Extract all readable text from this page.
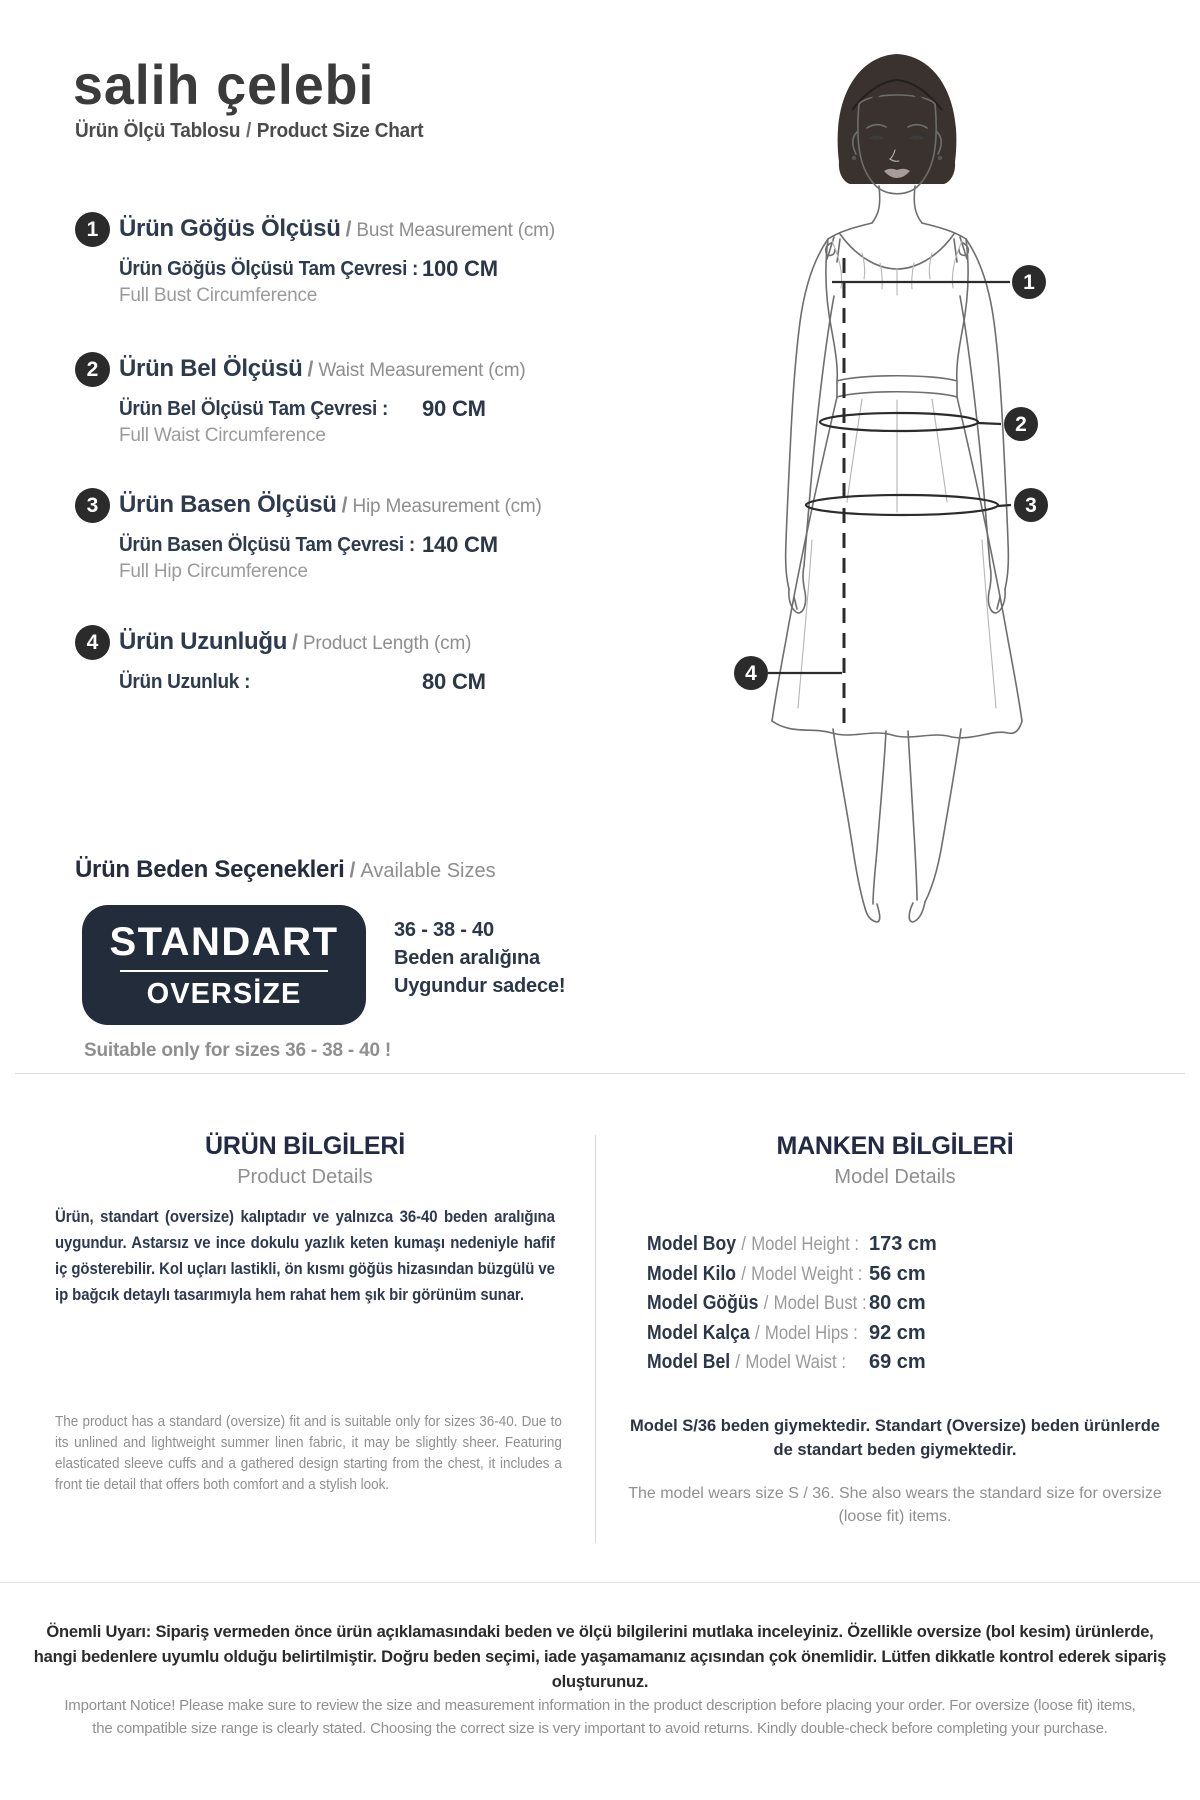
salih çelebi
Ürün Ölçü Tablosu / Product Size Chart
1 Ürün Göğüs Ölçüsü / Bust Measurement (cm)
Ürün Göğüs Ölçüsü Tam Çevresi : 100 CM
Full Bust Circumference
2 Ürün Bel Ölçüsü / Waist Measurement (cm)
Ürün Bel Ölçüsü Tam Çevresi : 90 CM
Full Waist Circumference
3 Ürün Basen Ölçüsü / Hip Measurement (cm)
Ürün Basen Ölçüsü Tam Çevresi : 140 CM
Full Hip Circumference
4 Ürün Uzunluğu / Product Length (cm)
Ürün Uzunluk :	80 CM
Ürün Beden Seçenekleri / Available Sizes
STANDART
OVERSİZE
36 - 38 - 40
Beden aralığına
Uygundur sadece!
Suitable only for sizes 36 - 38 - 40 !
1
2
3
4
ÜRÜN BİLGİLERİ
Product Details
Ürün, standart (oversize) kalıptadır ve yalnızca 36-40 beden aralığına uygundur. Astarsız ve ince dokulu yazlık keten kumaşı nedeniyle hafif iç gösterebilir. Kol uçları lastikli, ön kısmı göğüs hizasından büzgülü ve ip bağcık detaylı tasarımıyla hem rahat hem şık bir görünüm sunar.
The product has a standard (oversize) fit and is suitable only for sizes 36-40. Due to its unlined and lightweight summer linen fabric, it may be slightly sheer. Featuring elasticated sleeve cuffs and a gathered design starting from the chest, it includes a front tie detail that offers both comfort and a stylish look.
MANKEN BİLGİLERİ
Model Details
Model Boy / Model Height : 173 cm
Model Kilo / Model Weight : 56 cm
Model Göğüs / Model Bust : 80 cm
Model Kalça / Model Hips : 92 cm
Model Bel / Model Waist : 69 cm
Model S/36 beden giymektedir. Standart (Oversize) beden ürünlerde de standart beden giymektedir.
The model wears size S / 36. She also wears the standard size for oversize (loose fit) items.
Önemli Uyarı: Sipariş vermeden önce ürün açıklamasındaki beden ve ölçü bilgilerini mutlaka inceleyiniz. Özellikle oversize (bol kesim) ürünlerde, hangi bedenlere uyumlu olduğu belirtilmiştir. Doğru beden seçimi, iade yaşamamanız açısından çok önemlidir. Lütfen dikkatle kontrol ederek sipariş oluşturunuz.
Important Notice! Please make sure to review the size and measurement information in the product description before placing your order. For oversize (loose fit) items, the compatible size range is clearly stated. Choosing the correct size is very important to avoid returns. Kindly double-check before completing your purchase.
